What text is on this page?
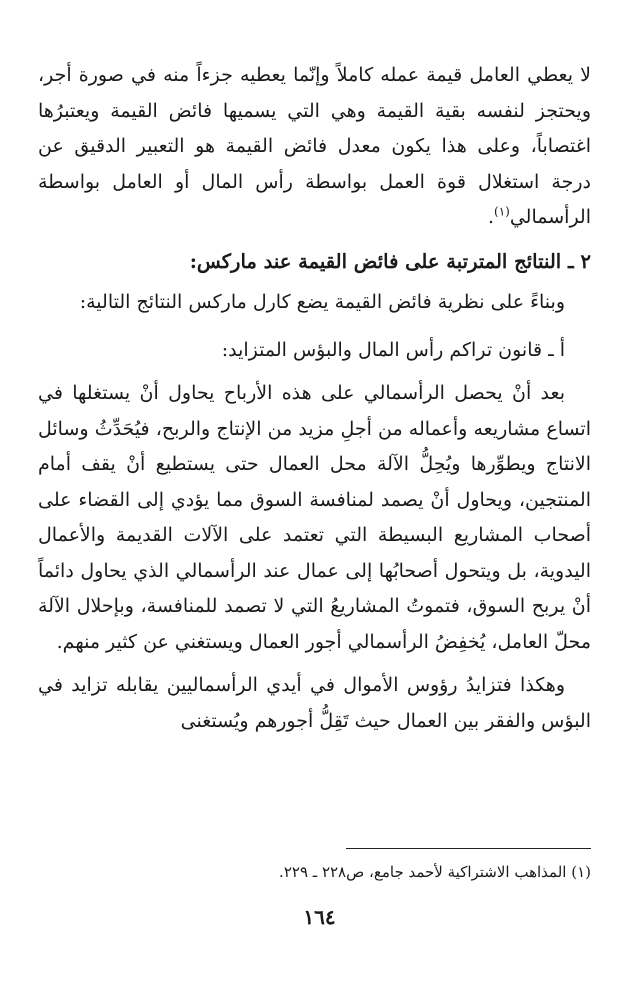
لا يعطي العامل قيمة عمله كاملاً وإنّما يعطيه جزءاً منه في صورة أجر، ويحتجز لنفسه بقية القيمة وهي التي يسميها فائض القيمة ويعتبرُها اغتصاباً، وعلى هذا يكون معدل فائض القيمة هو التعبير الدقيق عن درجة استغلال قوة العمل بواسطة رأس المال أو العامل بواسطة الرأسمالي$^{(١)}$.

٢ ـ النتائج المترتبة على فائض القيمة عند ماركس:

وبناءً على نظرية فائض القيمة يضع كارل ماركس النتائج التالية:

أ ـ قانون تراكم رأس المال والبؤس المتزايد:

بعد أنْ يحصل الرأسمالي على هذه الأرباح يحاول أنْ يستغلها في اتساع مشاريعه وأعماله من أجلِ مزيد من الإنتاج والربح، فيُحَدِّثُ وسائل الانتاج ويطوِّرها ويُحِلُّ الآلة محل العمال حتى يستطيع أنْ يقف أمام المنتجين، ويحاول أنْ يصمد لمنافسة السوق مما يؤدي إلى القضاء على أصحاب المشاريع البسيطة التي تعتمد على الآلات القديمة والأعمال اليدوية، بل ويتحول أصحابُها إلى عمال عند الرأسمالي الذي يحاول دائماً أنْ يربح السوق، فتموتُ المشاريعُ التي لا تصمد للمنافسة، وبإحلال الآلة محلّ العامل، يُخفِضُ الرأسمالي أجور العمال ويستغني عن كثير منهم.

وهكذا فتزايدُ رؤوس الأموال في أيدي الرأسماليين يقابله تزايد في البؤس والفقر بين العمال حيث تَقِلُّ أجورهم ويُستغنى

(١) المذاهب الاشتراكية لأحمد جامع، ص٢٢٨ ـ ٢٢٩.
١٦٤
